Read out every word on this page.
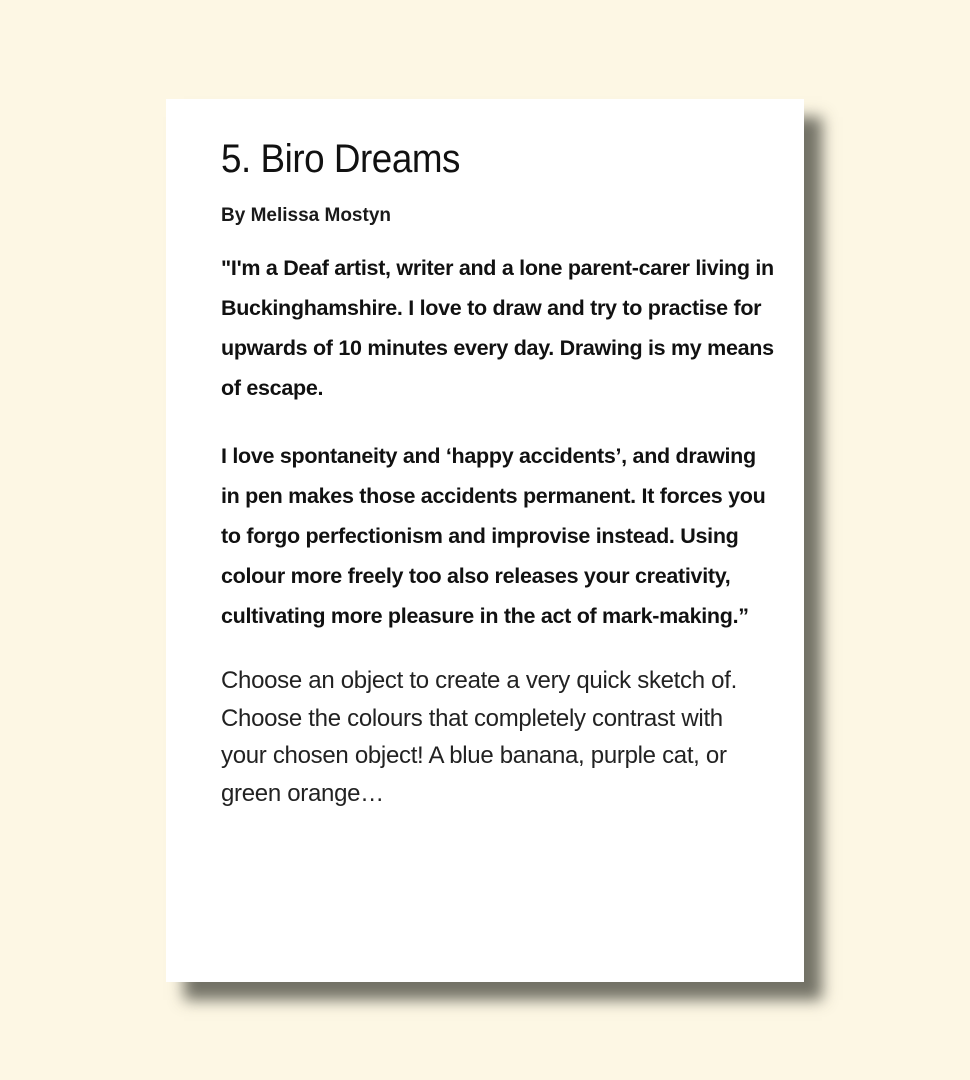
5. Biro Dreams

By Melissa Mostyn

"I'm a Deaf artist, writer and a lone parent-carer living in Buckinghamshire. I love to draw and try to practise for upwards of 10 minutes every day. Drawing is my means of escape.

I love spontaneity and ‘happy accidents’, and drawing in pen makes those accidents permanent. It forces you to forgo perfectionism and improvise instead. Using colour more freely too also releases your creativity, cultivating more pleasure in the act of mark-making.”

Choose an object to create a very quick sketch of. Choose the colours that completely contrast with your chosen object! A blue banana, purple cat, or green orange…
